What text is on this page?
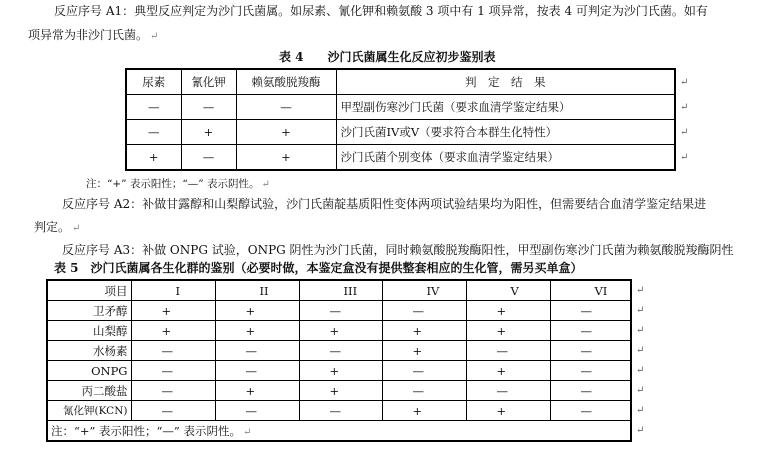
反应序号 A1：典型反应判定为沙门氏菌属。如尿素、氰化钾和赖氨酸 3 项中有 1 项异常，按表 4 可判定为沙门氏菌。如有
项异常为非沙门氏菌。 ↵
表 4　　沙门氏菌属生化反应初步鉴别表
尿素	氰化钾	赖氨酸脱羧酶	判　定　结　果
—	—	—	甲型副伤寒沙门氏菌（要求血清学鉴定结果）
—	+	+	沙门氏菌IV或Ⅴ（要求符合本群生化特性）
+	—	+	沙门氏菌个别变体（要求血清学鉴定结果）
↵
↵
↵
↵
注：“+” 表示阳性；“—” 表示阴性。 ↵
反应序号 A2：补做甘露醇和山梨醇试验，沙门氏菌靛基质阳性变体两项试验结果均为阳性，但需要结合血清学鉴定结果进
判定。 ↵
反应序号 A3：补做 ONPG 试验，ONPG 阴性为沙门氏菌，同时赖氨酸脱羧酶阳性，甲型副伤寒沙门氏菌为赖氨酸脱羧酶阴性
表 5　沙门氏菌属各生化群的鉴别（必要时做，本鉴定盒没有提供整套相应的生化管，需另买单盒）
项目	I	II	III	IV	V	VI
卫矛醇	+	+	—	—	+	—
山梨醇	+	+	+	+	+	—
水杨素	—	—	—	+	—	—
ONPG	—	—	+	—	+	—
丙二酸盐	—	+	+	—	—	—
氰化钾(KCN)	—	—	—	+	+	—
注：“+” 表示阳性；“—” 表示阴性。 ↵						
↵
↵
↵
↵
↵
↵
↵
↵
